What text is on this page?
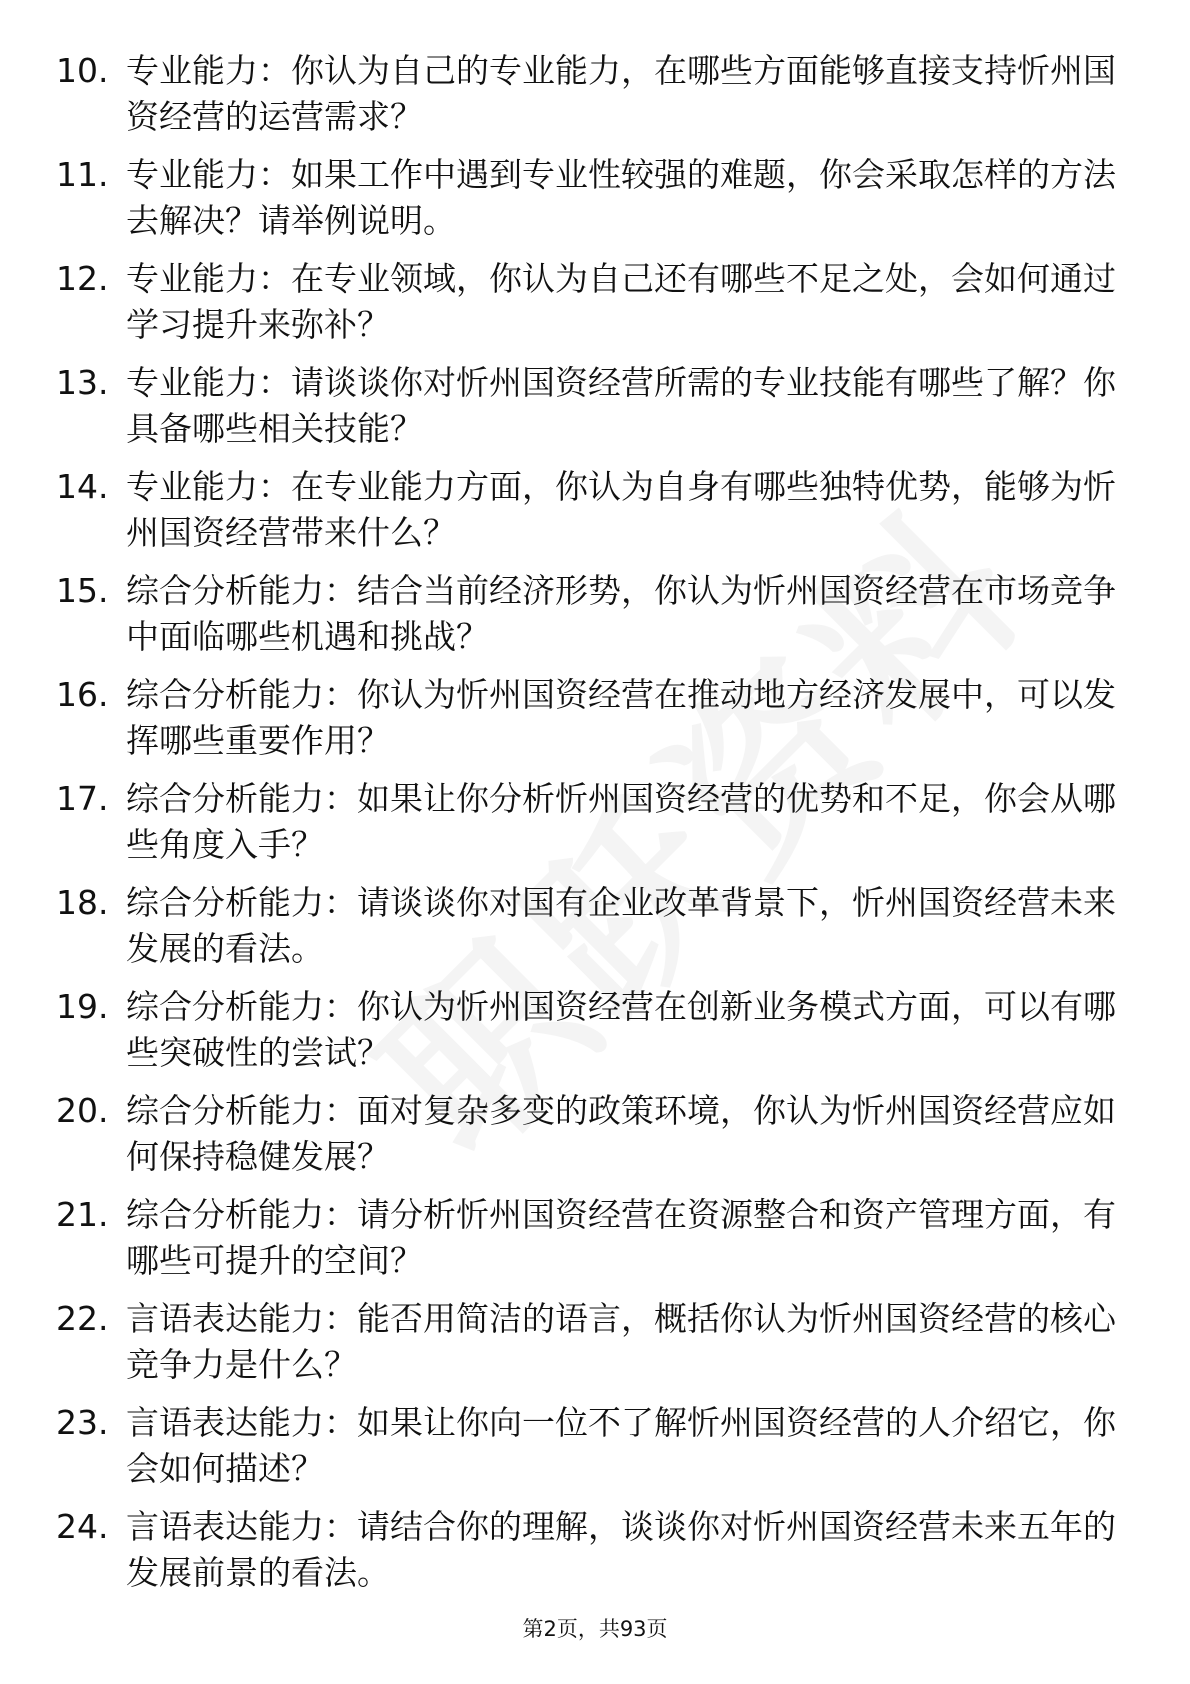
10. 专业能力：你认为自己的专业能力，在哪些方面能够直接支持忻州国资经营的运营需求？
11. 专业能力：如果工作中遇到专业性较强的难题，你会采取怎样的方法去解决？请举例说明。
12. 专业能力：在专业领域，你认为自己还有哪些不足之处，会如何通过学习提升来弥补？
13. 专业能力：请谈谈你对忻州国资经营所需的专业技能有哪些了解？你具备哪些相关技能？
14. 专业能力：在专业能力方面，你认为自身有哪些独特优势，能够为忻州国资经营带来什么？
15. 综合分析能力：结合当前经济形势，你认为忻州国资经营在市场竞争中面临哪些机遇和挑战？
16. 综合分析能力：你认为忻州国资经营在推动地方经济发展中，可以发挥哪些重要作用？
17. 综合分析能力：如果让你分析忻州国资经营的优势和不足，你会从哪些角度入手？
18. 综合分析能力：请谈谈你对国有企业改革背景下，忻州国资经营未来发展的看法。
19. 综合分析能力：你认为忻州国资经营在创新业务模式方面，可以有哪些突破性的尝试？
20. 综合分析能力：面对复杂多变的政策环境，你认为忻州国资经营应如何保持稳健发展？
21. 综合分析能力：请分析忻州国资经营在资源整合和资产管理方面，有哪些可提升的空间？
22. 言语表达能力：能否用简洁的语言，概括你认为忻州国资经营的核心竞争力是什么？
23. 言语表达能力：如果让你向一位不了解忻州国资经营的人介绍它，你会如何描述？
24. 言语表达能力：请结合你的理解，谈谈你对忻州国资经营未来五年的发展前景的看法。
第2页，共93页
